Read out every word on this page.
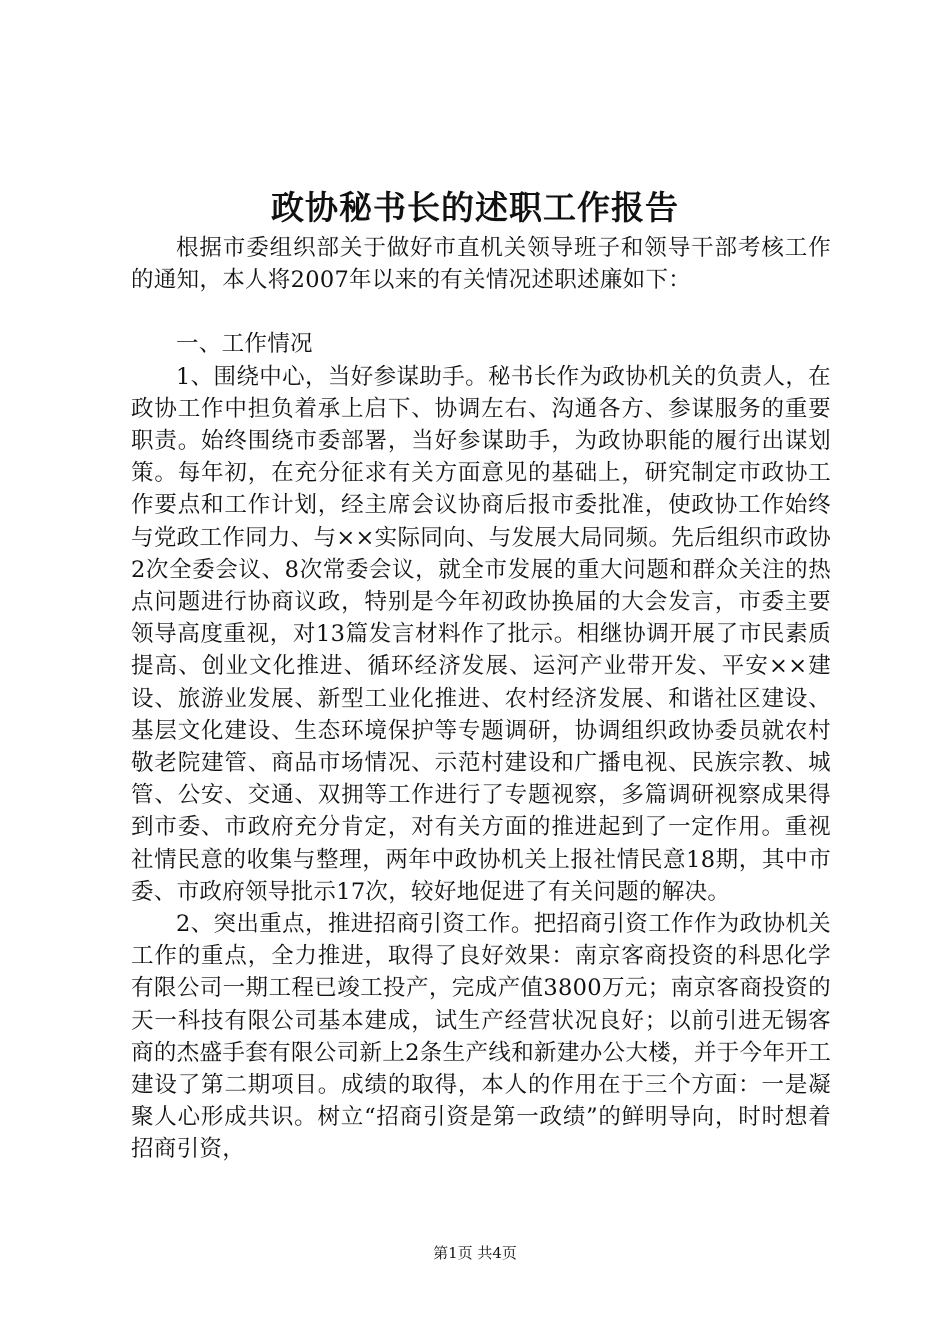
政协秘书长的述职工作报告

根据市委组织部关于做好市直机关领导班子和领导干部考核工作的通知，本人将2007年以来的有关情况述职述廉如下：

一、工作情况

1、围绕中心，当好参谋助手。秘书长作为政协机关的负责人，在政协工作中担负着承上启下、协调左右、沟通各方、参谋服务的重要职责。始终围绕市委部署，当好参谋助手，为政协职能的履行出谋划策。每年初，在充分征求有关方面意见的基础上，研究制定市政协工作要点和工作计划，经主席会议协商后报市委批准，使政协工作始终与党政工作同力、与××实际同向、与发展大局同频。先后组织市政协2次全委会议、8次常委会议，就全市发展的重大问题和群众关注的热点问题进行协商议政，特别是今年初政协换届的大会发言，市委主要领导高度重视，对13篇发言材料作了批示。相继协调开展了市民素质提高、创业文化推进、循环经济发展、运河产业带开发、平安××建设、旅游业发展、新型工业化推进、农村经济发展、和谐社区建设、基层文化建设、生态环境保护等专题调研，协调组织政协委员就农村敬老院建管、商品市场情况、示范村建设和广播电视、民族宗教、城管、公安、交通、双拥等工作进行了专题视察，多篇调研视察成果得到市委、市政府充分肯定，对有关方面的推进起到了一定作用。重视社情民意的收集与整理，两年中政协机关上报社情民意18期，其中市委、市政府领导批示17次，较好地促进了有关问题的解决。

2、突出重点，推进招商引资工作。把招商引资工作作为政协机关工作的重点，全力推进，取得了良好效果：南京客商投资的科思化学有限公司一期工程已竣工投产，完成产值3800万元；南京客商投资的天一科技有限公司基本建成，试生产经营状况良好；以前引进无锡客商的杰盛手套有限公司新上2条生产线和新建办公大楼，并于今年开工建设了第二期项目。成绩的取得，本人的作用在于三个方面：一是凝聚人心形成共识。树立“招商引资是第一政绩”的鲜明导向，时时想着招商引资，

第1页 共4页
